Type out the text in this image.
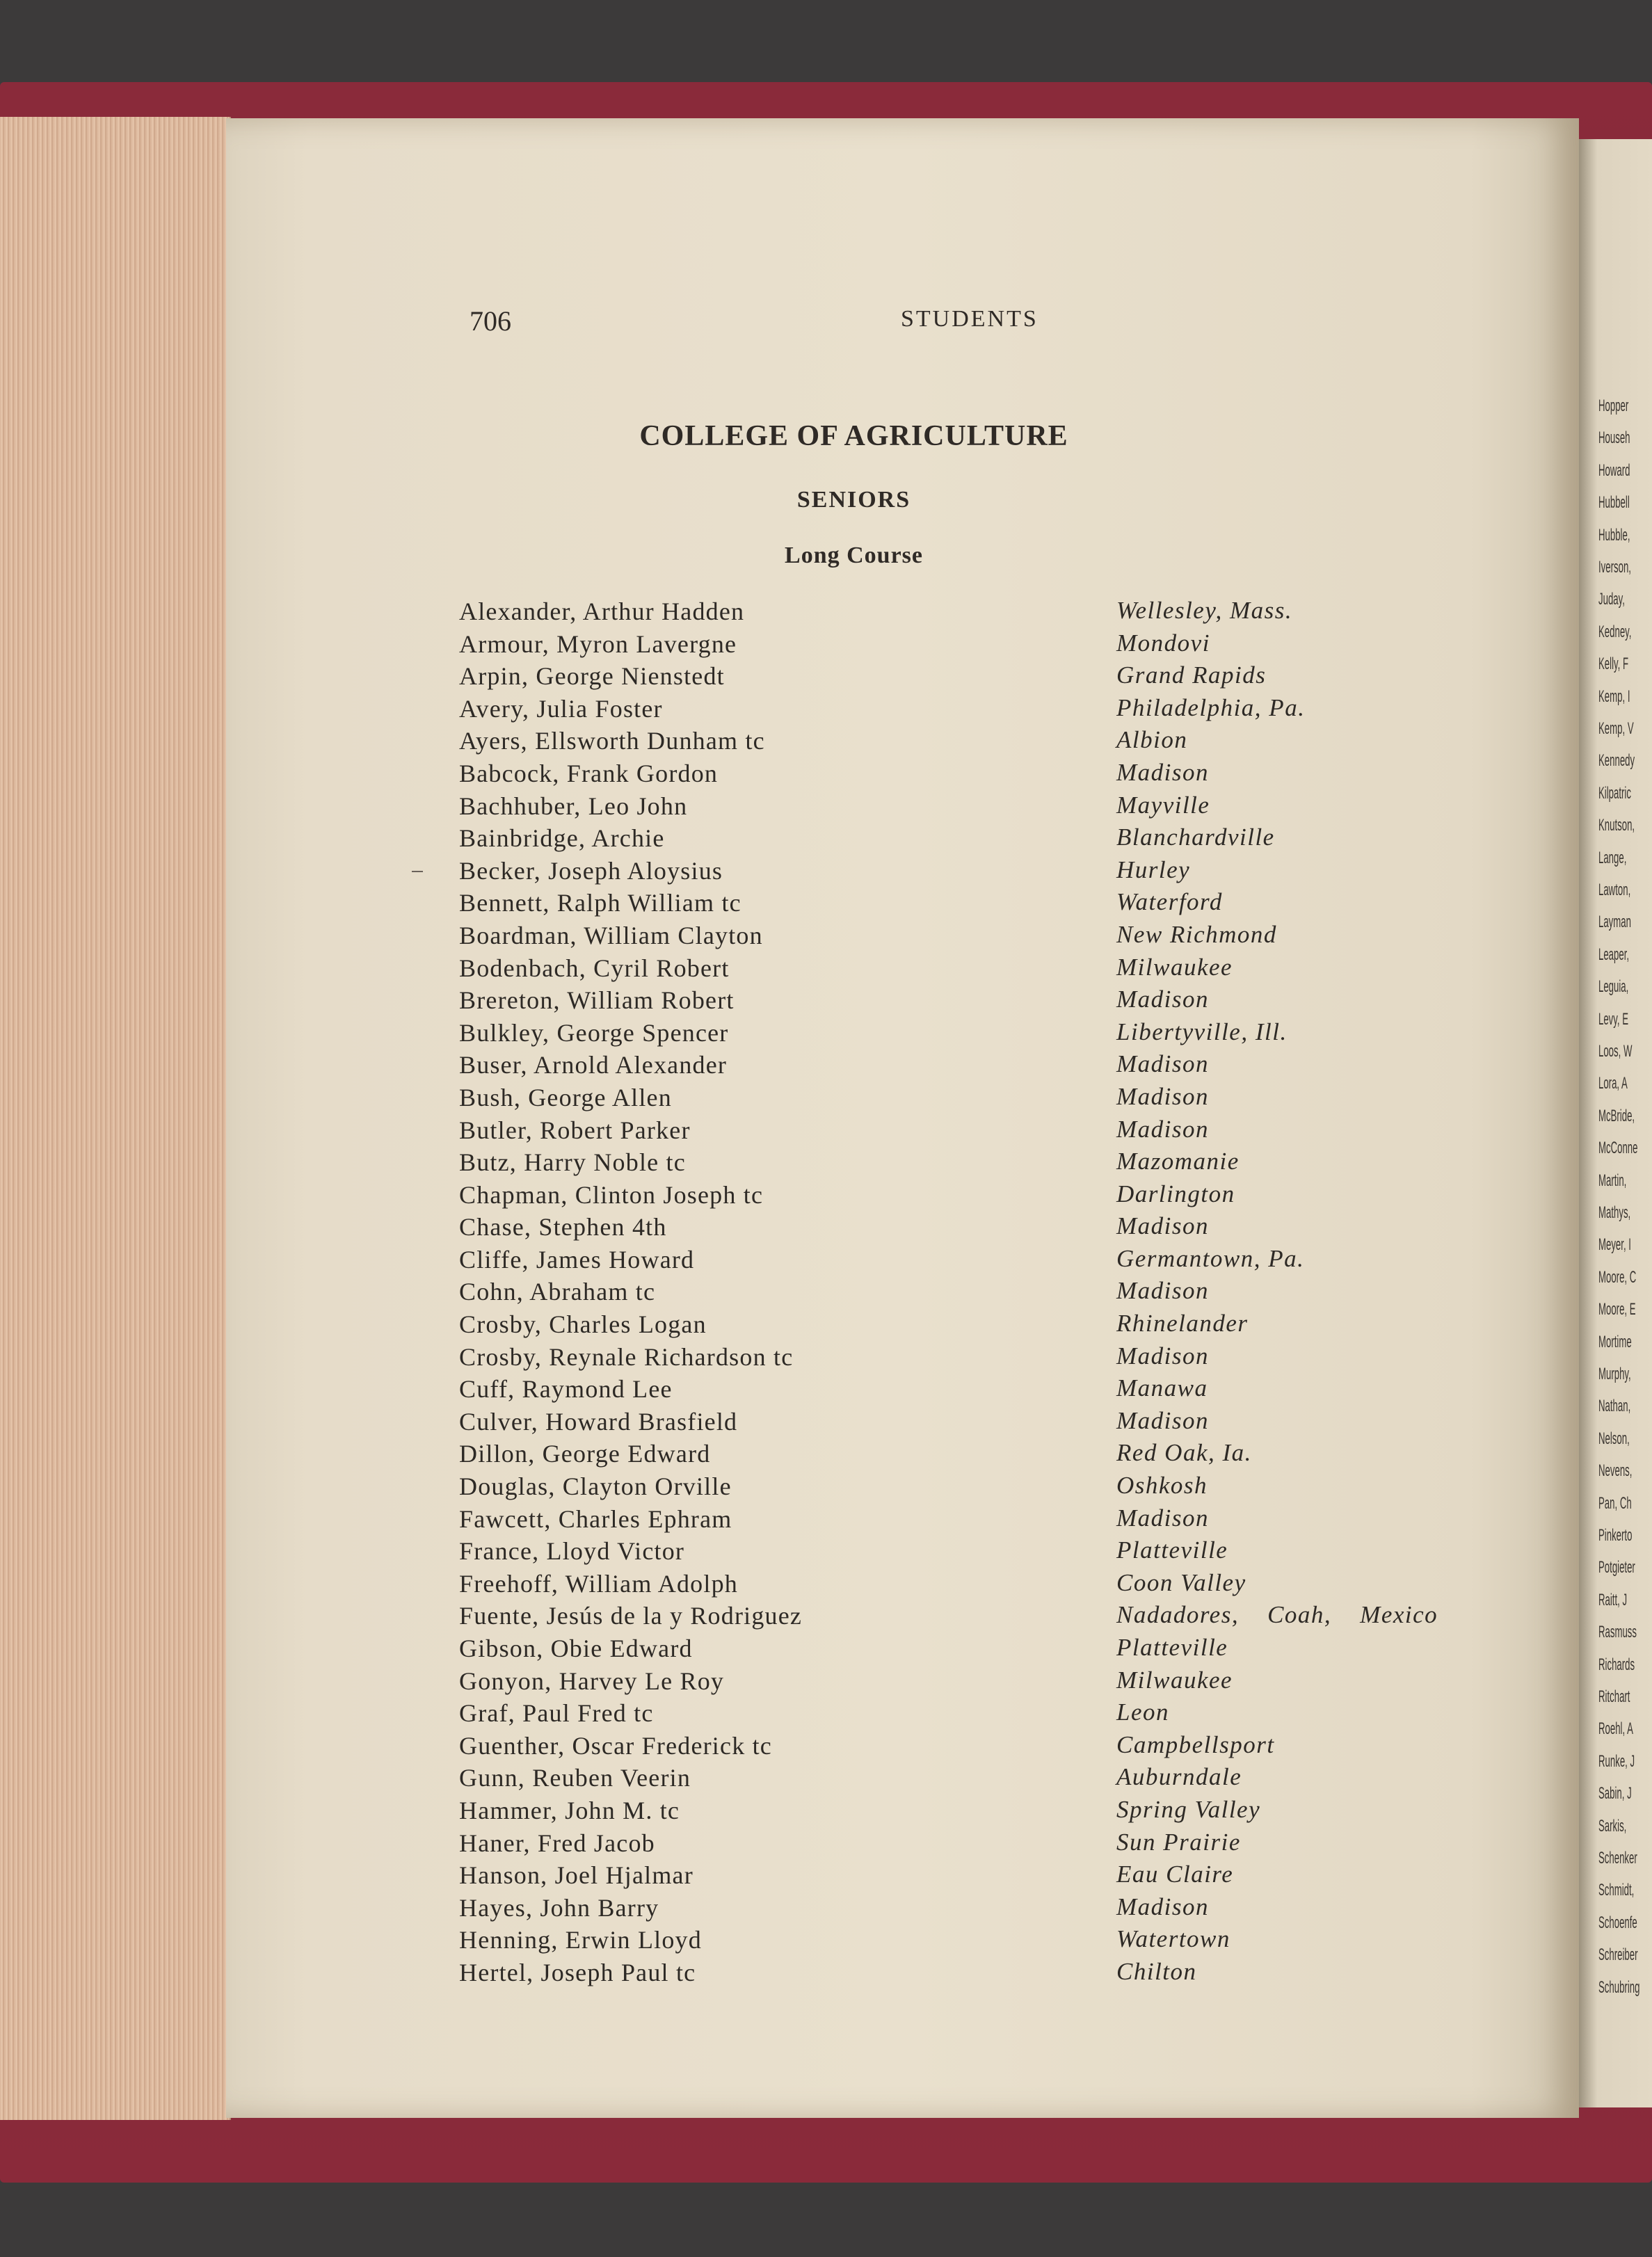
Hopper
Househ
Howard
Hubbell
Hubble,
Iverson,
Juday,
Kedney,
Kelly, F
Kemp, I
Kemp, V
Kennedy
Kilpatric
Knutson,
Lange,
Lawton,
Layman
Leaper,
Leguia,
Levy, E
Loos, W
Lora, A
McBride,
McConne
Martin,
Mathys,
Meyer, I
Moore, C
Moore, E
Mortime
Murphy,
Nathan,
Nelson,
Nevens,
Pan, Ch
Pinkerto
Potgieter
Raitt, J
Rasmuss
Richards
Ritchart
Roehl, A
Runke, J
Sabin, J
Sarkis,
Schenker
Schmidt,
Schoenfe
Schreiber
Schubring
706	STUDENTS
COLLEGE OF AGRICULTURE
SENIORS
Long Course
Alexander, Arthur Hadden	Wellesley, Mass.
Armour, Myron Lavergne	Mondovi
Arpin, George Nienstedt	Grand Rapids
Avery, Julia Foster	Philadelphia, Pa.
Ayers, Ellsworth Dunham tc	Albion
Babcock, Frank Gordon	Madison
Bachhuber, Leo John	Mayville
Bainbridge, Archie	Blanchardville
Becker, Joseph Aloysius	Hurley
Bennett, Ralph William tc	Waterford
Boardman, William Clayton	New Richmond
Bodenbach, Cyril Robert	Milwaukee
Brereton, William Robert	Madison
Bulkley, George Spencer	Libertyville, Ill.
Buser, Arnold Alexander	Madison
Bush, George Allen	Madison
Butler, Robert Parker	Madison
Butz, Harry Noble tc	Mazomanie
Chapman, Clinton Joseph tc	Darlington
Chase, Stephen 4th	Madison
Cliffe, James Howard	Germantown, Pa.
Cohn, Abraham tc	Madison
Crosby, Charles Logan	Rhinelander
Crosby, Reynale Richardson tc	Madison
Cuff, Raymond Lee	Manawa
Culver, Howard Brasfield	Madison
Dillon, George Edward	Red Oak, Ia.
Douglas, Clayton Orville	Oshkosh
Fawcett, Charles Ephram	Madison
France, Lloyd Victor	Platteville
Freehoff, William Adolph	Coon Valley
Fuente, Jesús de la y Rodriguez	Nadadores,    Coah,    Mexico
Gibson, Obie Edward	Platteville
Gonyon, Harvey Le Roy	Milwaukee
Graf, Paul Fred tc	Leon
Guenther, Oscar Frederick tc	Campbellsport
Gunn, Reuben Veerin	Auburndale
Hammer, John M. tc	Spring Valley
Haner, Fred Jacob	Sun Prairie
Hanson, Joel Hjalmar	Eau Claire
Hayes, John Barry	Madison
Henning, Erwin Lloyd	Watertown
Hertel, Joseph Paul tc	Chilton
